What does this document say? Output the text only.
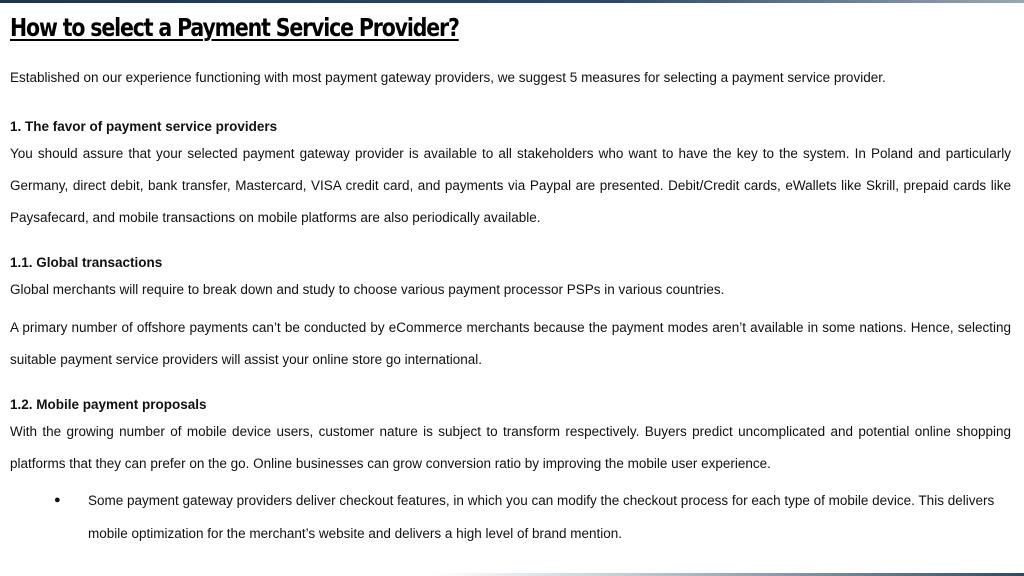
How to select a Payment Service Provider?

Established on our experience functioning with most payment gateway providers, we suggest 5 measures for selecting a payment service provider.

1. The favor of payment service providers

You should assure that your selected payment gateway provider is available to all stakeholders who want to have the key to the system. In Poland and particularly Germany, direct debit, bank transfer, Mastercard, VISA credit card, and payments via Paypal are presented. Debit/Credit cards, eWallets like Skrill, prepaid cards like Paysafecard, and mobile transactions on mobile platforms are also periodically available.

1.1. Global transactions

Global merchants will require to break down and study to choose various payment processor PSPs in various countries.

A primary number of offshore payments can’t be conducted by eCommerce merchants because the payment modes aren’t available in some nations. Hence, selecting suitable payment service providers will assist your online store go international.

1.2. Mobile payment proposals

With the growing number of mobile device users, customer nature is subject to transform respectively. Buyers predict uncomplicated and potential online shopping platforms that they can prefer on the go. Online businesses can grow conversion ratio by improving the mobile user experience.

● Some payment gateway providers deliver checkout features, in which you can modify the checkout process for each type of mobile device. This delivers mobile optimization for the merchant’s website and delivers a high level of brand mention.
